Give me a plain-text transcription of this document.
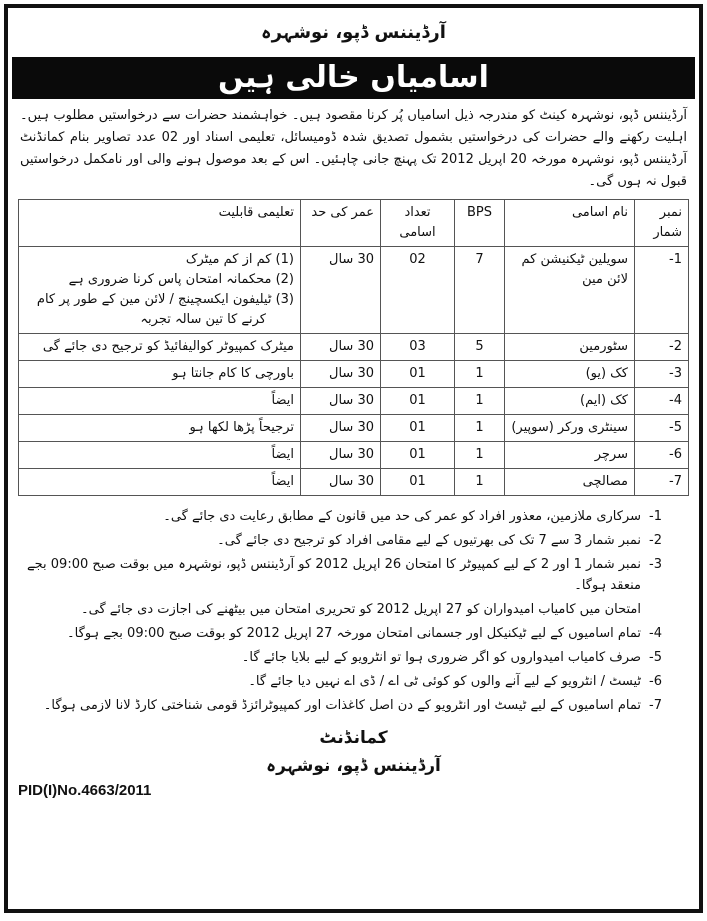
آرڈیننس ڈپو، نوشہرہ
اسامیاں خالی ہیں
آرڈیننس ڈپو، نوشہرہ کینٹ کو مندرجہ ذیل اسامیاں پُر کرنا مقصود ہیں۔ خواہشمند حضرات سے درخواستیں مطلوب ہیں۔ اہلیت رکھنے والے حضرات کی درخواستیں بشمول تصدیق شدہ ڈومیسائل، تعلیمی اسناد اور 02 عدد تصاویر بنام کمانڈنٹ آرڈیننس ڈپو، نوشہرہ مورخہ 20 اپریل 2012 تک پہنچ جانی چاہئیں۔ اس کے بعد موصول ہونے والی اور نامکمل درخواستیں قبول نہ ہوں گی۔
نمبر شمار	نام اسامی	BPS	تعداد اسامی	عمر کی حد	تعلیمی قابلیت
-1	سویلین ٹیکنیشن کم لائن مین	7	02	30 سال	(1) کم از کم میٹرک
(2) محکمانہ امتحان پاس کرنا ضروری ہے
(3) ٹیلیفون ایکسچینج / لائن مین کے طور پر کام
کرنے کا تین سالہ تجربہ

-2	سٹورمین	5	03	30 سال	میٹرک کمپیوٹر کوالیفائیڈ کو ترجیح دی جائے گی

-3	کک (یو)	1	01	30 سال	باورچی کا کام جانتا ہو

-4	کک (ایم)	1	01	30 سال	ایضاً

-5	سینٹری ورکر (سوپیر)	1	01	30 سال	ترجیحاً پڑھا لکھا ہو

-6	سرچر	1	01	30 سال	ایضاً

-7	مصالچی	1	01	30 سال	ایضاً
-1
سرکاری ملازمین، معذور افراد کو عمر کی حد میں قانون کے مطابق رعایت دی جائے گی۔
-2
نمبر شمار 3 سے 7 تک کی بھرتیوں کے لیے مقامی افراد کو ترجیح دی جائے گی۔
-3
نمبر شمار 1 اور 2 کے لیے کمپیوٹر کا امتحان 26 اپریل 2012 کو آرڈیننس ڈپو، نوشہرہ میں بوقت صبح 09:00 بجے منعقد ہوگا۔
امتحان میں کامیاب امیدواران کو 27 اپریل 2012 کو تحریری امتحان میں بیٹھنے کی اجازت دی جائے گی۔
-4
تمام اسامیوں کے لیے ٹیکنیکل اور جسمانی امتحان مورخہ 27 اپریل 2012 کو بوقت صبح 09:00 بجے ہوگا۔
-5
صرف کامیاب امیدواروں کو اگر ضروری ہوا تو انٹرویو کے لیے بلایا جائے گا۔
-6
ٹیسٹ / انٹرویو کے لیے آنے والوں کو کوئی ٹی اے / ڈی اے نہیں دیا جائے گا۔
-7
تمام اسامیوں کے لیے ٹیسٹ اور انٹرویو کے دن اصل کاغذات اور کمپیوٹرائزڈ قومی شناختی کارڈ لانا لازمی ہوگا۔
کمانڈنٹ
آرڈیننس ڈپو، نوشہرہ
PID(I)No.4663/2011
